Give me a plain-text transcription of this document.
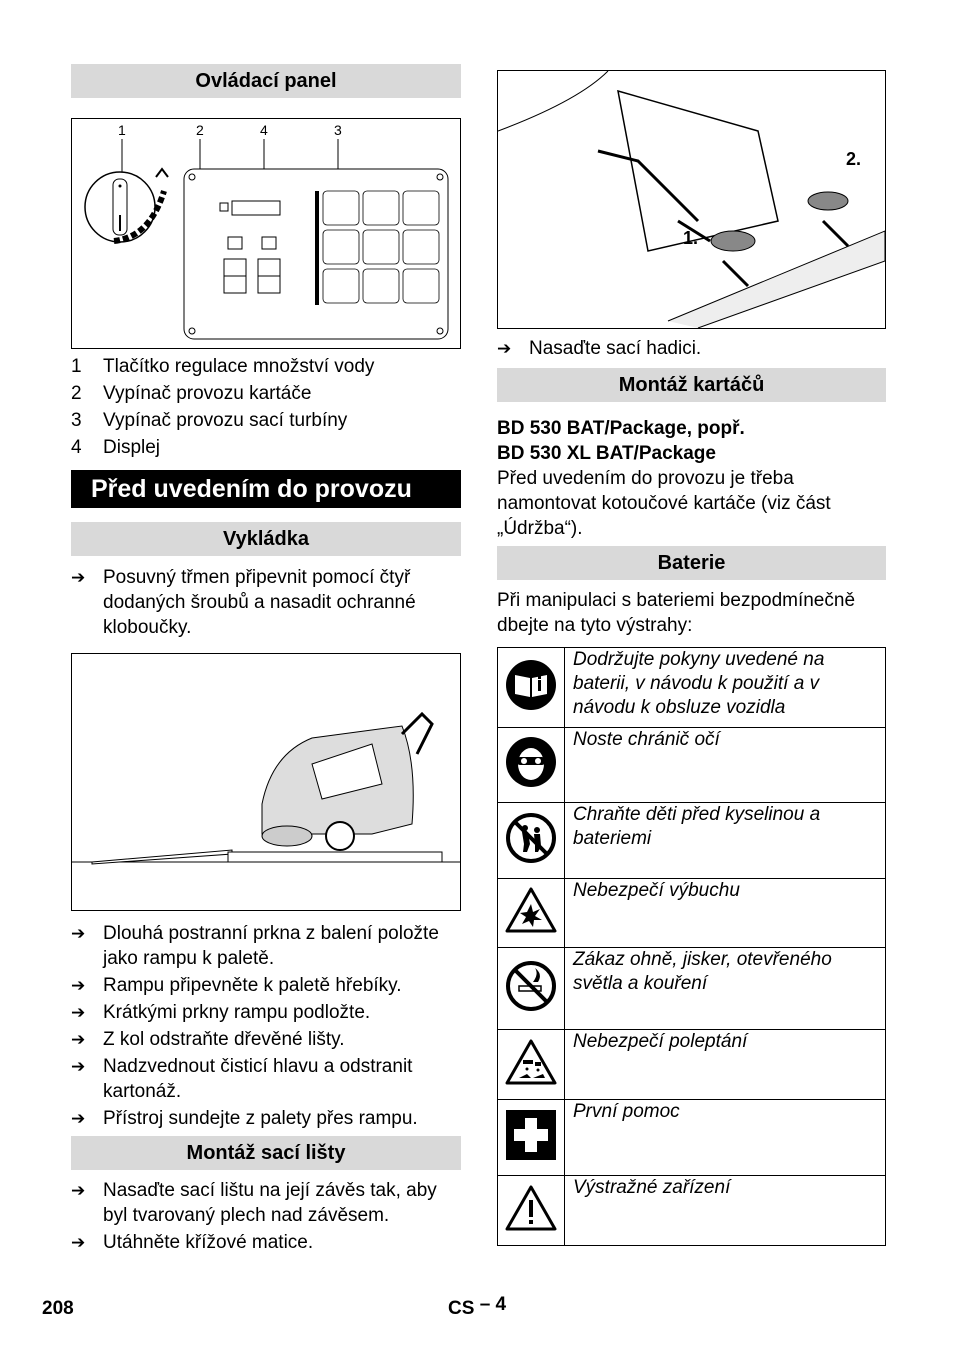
Ovládací panel
1	2	4	3
1	Tlačítko regulace množství vody
2	Vypínač provozu kartáče
3	Vypínač provozu sací turbíny
4	Displej
Před uvedením do provozu
Vykládka
➔ Posuvný třmen připevnit pomocí čtyř dodaných šroubů a nasadit ochranné kloboučky.
➔ Dlouhá postranní prkna z balení položte jako rampu k paletě.
➔ Rampu připevněte k paletě hřebíky.
➔ Krátkými prkny rampu podložte.
➔ Z kol odstraňte dřevěné lišty.
➔ Nadzvednout čisticí hlavu a odstranit kartonáž.
➔ Přístroj sundejte z palety přes rampu.
Montáž sací lišty
➔ Nasaďte sací lištu na její závěs tak, aby byl tvarovaný plech nad závěsem.
➔ Utáhněte křížové matice.
1.
2.
➔ Nasaďte sací hadici.
Montáž kartáčů
BD 530 BAT/Package, popř.
BD 530 XL BAT/Package
Před uvedením do provozu je třeba namontovat kotoučové kartáče (viz část „Údržba“).
Baterie
Při manipulaci s bateriemi bezpodmínečně dbejte na tyto výstrahy:
	Dodržujte pokyny uvedené na baterii, v návodu k použití a v návodu k obsluze vozidla
	Noste chránič očí
	Chraňte děti před kyselinou a bateriemi
	Nebezpečí výbuchu
	Zákaz ohně, jisker, otevřeného světla a kouření
	Nebezpečí poleptání
	První pomoc
	Výstražné zařízení
208	CS – 4
